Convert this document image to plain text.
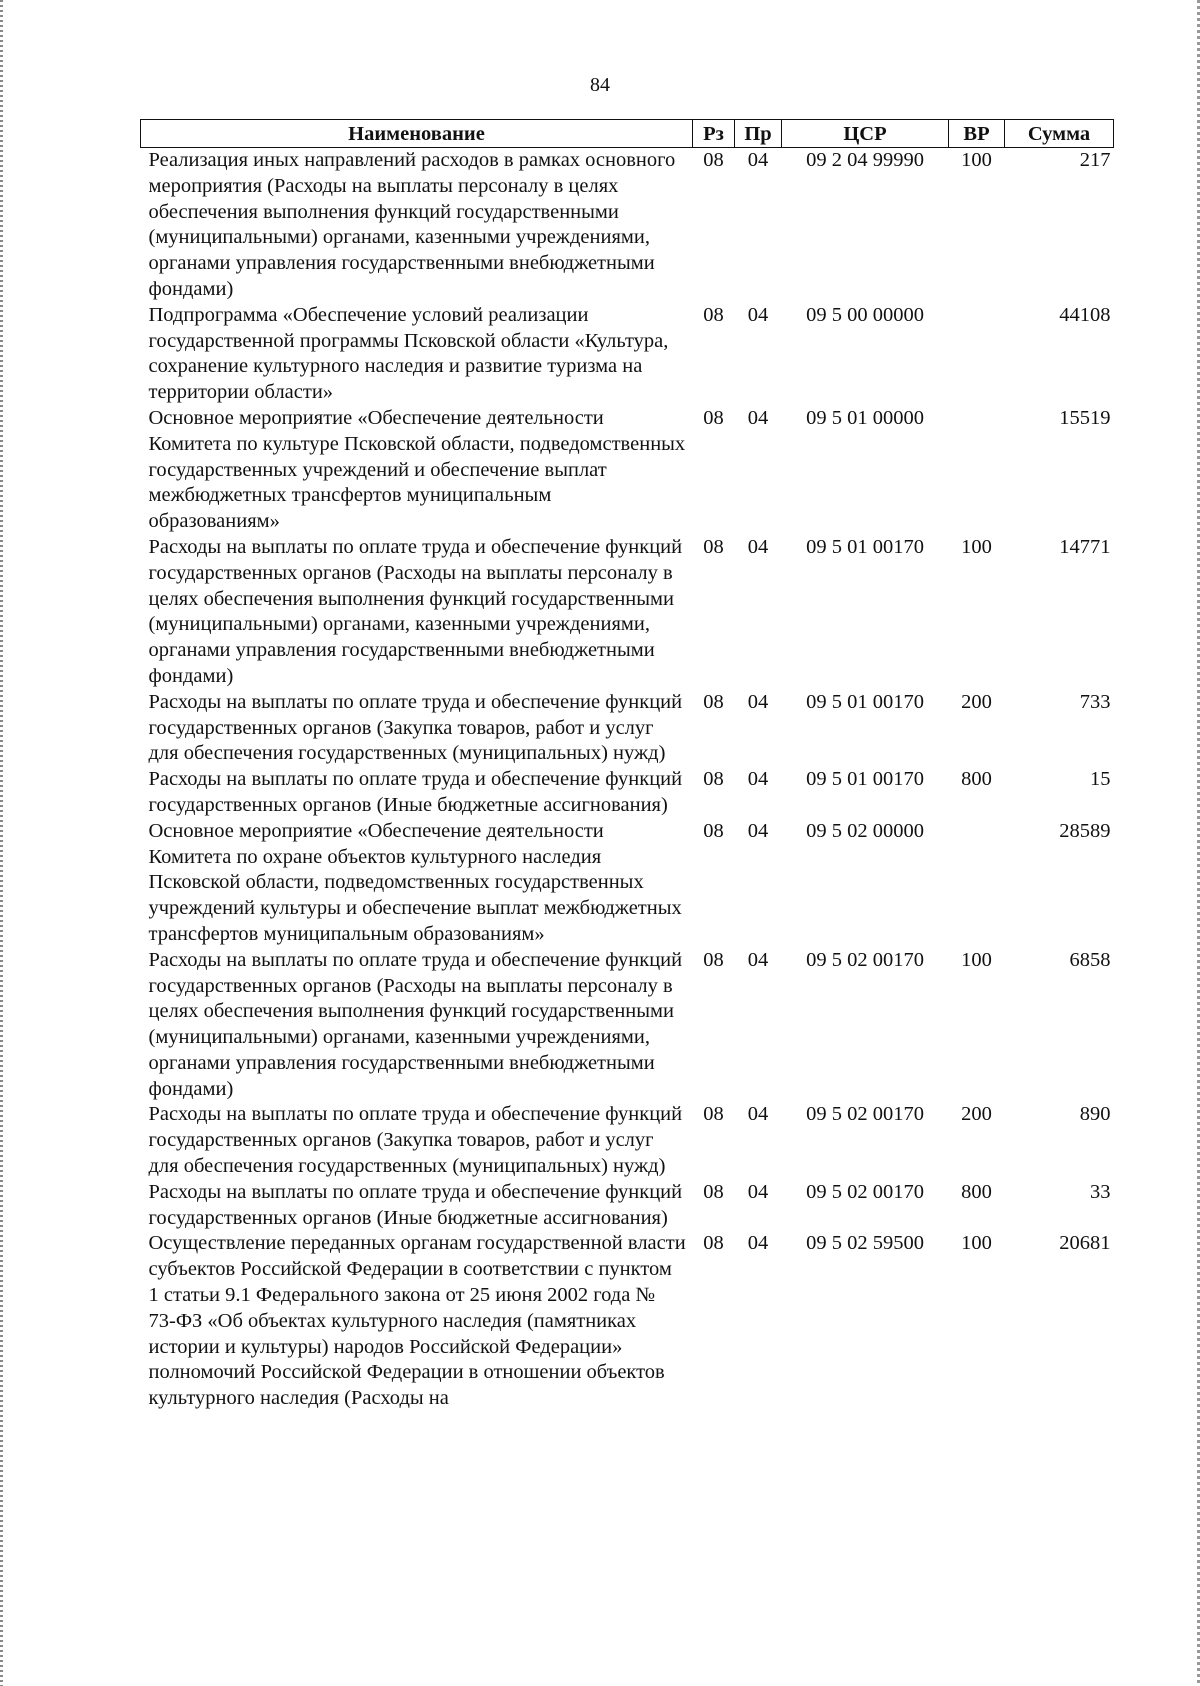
84
Наименование	Рз	Пр	ЦСР	ВР	Сумма
Реализация иных направлений расходов в рамках основного мероприятия (Расходы на выплаты персоналу в целях обеспечения выполнения функций государственными (муниципальными) органами, казенными учреждениями, органами управления государственными внебюджетными фондами)	08	04	09 2 04 99990	100	217
Подпрограмма «Обеспечение условий реализации государственной программы Псковской области «Культура, сохранение культурного наследия и развитие туризма на территории области»	08	04	09 5 00 00000		44108
Основное мероприятие «Обеспечение деятельности Комитета по культуре Псковской области, подведомственных государственных учреждений и обеспечение выплат межбюджетных трансфертов муниципальным образованиям»	08	04	09 5 01 00000		15519
Расходы на выплаты по оплате труда и обеспечение функций государственных органов (Расходы на выплаты персоналу в целях обеспечения выполнения функций государственными (муниципальными) органами, казенными учреждениями, органами управления государственными внебюджетными фондами)	08	04	09 5 01 00170	100	14771
Расходы на выплаты по оплате труда и обеспечение функций государственных органов (Закупка товаров, работ и услуг для обеспечения государственных (муниципальных) нужд)	08	04	09 5 01 00170	200	733
Расходы на выплаты по оплате труда и обеспечение функций государственных органов (Иные бюджетные ассигнования)	08	04	09 5 01 00170	800	15
Основное мероприятие «Обеспечение деятельности Комитета по охране объектов культурного наследия Псковской области, подведомственных государственных учреждений культуры и обеспечение выплат межбюджетных трансфертов муниципальным образованиям»	08	04	09 5 02 00000		28589
Расходы на выплаты по оплате труда и обеспечение функций государственных органов (Расходы на выплаты персоналу в целях обеспечения выполнения функций государственными (муниципальными) органами, казенными учреждениями, органами управления государственными внебюджетными фондами)	08	04	09 5 02 00170	100	6858
Расходы на выплаты по оплате труда и обеспечение функций государственных органов (Закупка товаров, работ и услуг для обеспечения государственных (муниципальных) нужд)	08	04	09 5 02 00170	200	890
Расходы на выплаты по оплате труда и обеспечение функций государственных органов (Иные бюджетные ассигнования)	08	04	09 5 02 00170	800	33
Осуществление переданных органам государственной власти субъектов Российской Федерации в соответствии с пунктом 1 статьи 9.1 Федерального закона от 25 июня 2002 года № 73-ФЗ «Об объектах культурного наследия (памятниках истории и культуры) народов Российской Федерации» полномочий Российской Федерации в отношении объектов культурного наследия (Расходы на	08	04	09 5 02 59500	100	20681
